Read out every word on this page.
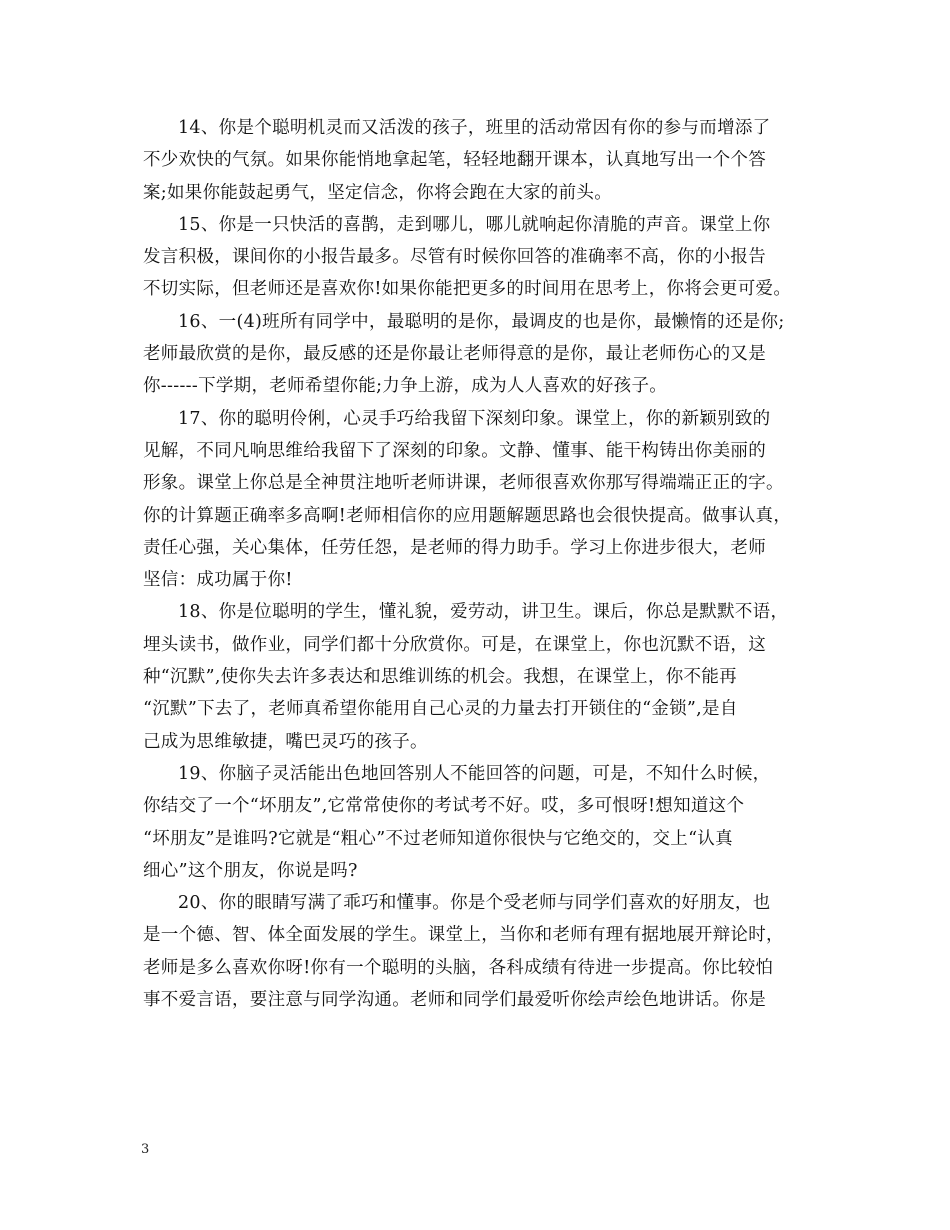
14、你是个聪明机灵而又活泼的孩子，班里的活动常因有你的参与而增添了
不少欢快的气氛。如果你能悄地拿起笔，轻轻地翻开课本，认真地写出一个个答
案;如果你能鼓起勇气，坚定信念，你将会跑在大家的前头。

15、你是一只快活的喜鹊，走到哪儿，哪儿就响起你清脆的声音。课堂上你
发言积极，课间你的小报告最多。尽管有时候你回答的准确率不高，你的小报告
不切实际，但老师还是喜欢你!如果你能把更多的时间用在思考上，你将会更可爱。

16、一(4)班所有同学中，最聪明的是你，最调皮的也是你，最懒惰的还是你;
老师最欣赏的是你，最反感的还是你最让老师得意的是你，最让老师伤心的又是
你------下学期，老师希望你能;力争上游，成为人人喜欢的好孩子。

17、你的聪明伶俐，心灵手巧给我留下深刻印象。课堂上，你的新颖别致的
见解，不同凡响思维给我留下了深刻的印象。文静、懂事、能干构铸出你美丽的
形象。课堂上你总是全神贯注地听老师讲课，老师很喜欢你那写得端端正正的字。
你的计算题正确率多高啊!老师相信你的应用题解题思路也会很快提高。做事认真，
责任心强，关心集体，任劳任怨，是老师的得力助手。学习上你进步很大，老师
坚信：成功属于你!

18、你是位聪明的学生，懂礼貌，爱劳动，讲卫生。课后，你总是默默不语，
埋头读书，做作业，同学们都十分欣赏你。可是，在课堂上，你也沉默不语，这
种“沉默”,使你失去许多表达和思维训练的机会。我想，在课堂上，你不能再
“沉默”下去了，老师真希望你能用自己心灵的力量去打开锁住的“金锁”,是自
己成为思维敏捷，嘴巴灵巧的孩子。

19、你脑子灵活能出色地回答别人不能回答的问题，可是，不知什么时候，
你结交了一个“坏朋友”,它常常使你的考试考不好。哎，多可恨呀!想知道这个
“坏朋友”是谁吗?它就是“粗心”不过老师知道你很快与它绝交的，交上“认真
细心”这个朋友，你说是吗?

20、你的眼睛写满了乖巧和懂事。你是个受老师与同学们喜欢的好朋友，也
是一个德、智、体全面发展的学生。课堂上，当你和老师有理有据地展开辩论时，
老师是多么喜欢你呀!你有一个聪明的头脑，各科成绩有待进一步提高。你比较怕
事不爱言语，要注意与同学沟通。老师和同学们最爱听你绘声绘色地讲话。你是

3
